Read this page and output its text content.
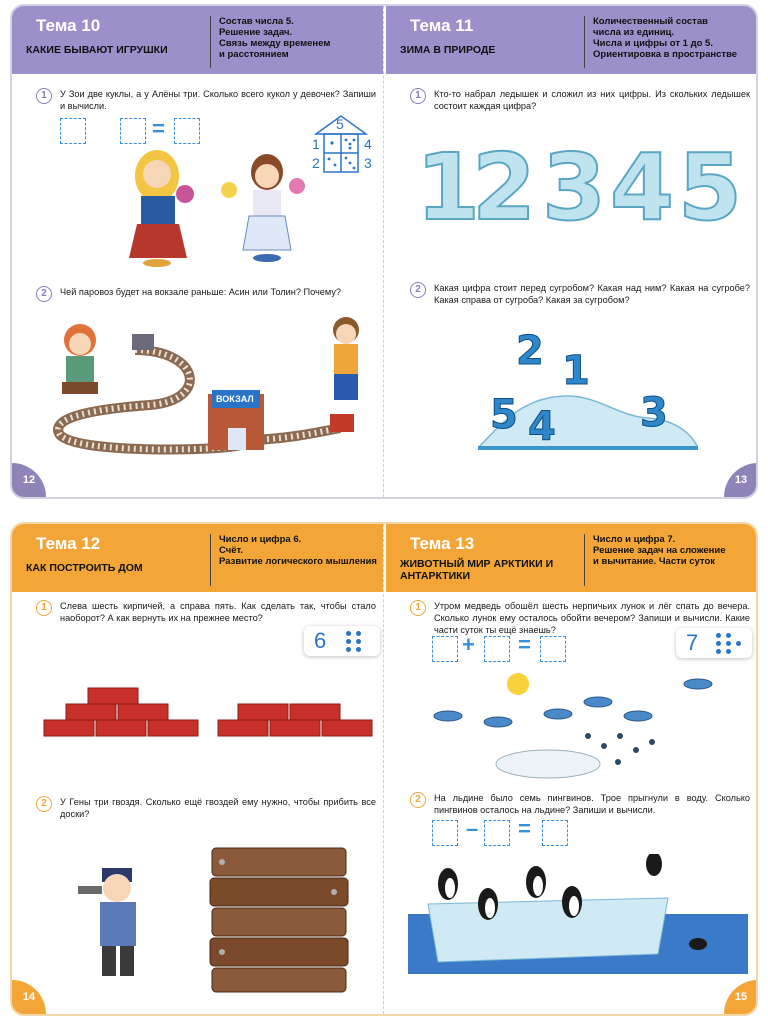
Тема 10
КАКИЕ БЫВАЮТ ИГРУШКИ
Состав числа 5.
Решение задач.
Связь между временем
и расстоянием
1	У Зои две куклы, а у Алёны три. Сколько всего кукол у девочек? Запиши и вычисли.
=	5
1	4
2	3
2	Чей паровоз будет на вокзале раньше: Асин или Толин? Почему?
ВОКЗАЛ
12
Тема 11
ЗИМА В ПРИРОДЕ
Количественный состав
числа из единиц.
Числа и цифры от 1 до 5.
Ориентировка в пространстве
1	Кто-то набрал ледышек и сложил из них цифры. Из скольких ледышек состоит каждая цифра?
1
2 3 4 5
2	Какая цифра стоит перед сугробом? Какая над ним? Какая на сугробе? Какая справа от сугроба? Какая за сугробом?
2 1
5 4 3
13
Тема 12
КАК ПОСТРОИТЬ ДОМ
Число и цифра 6.
Счёт.
Развитие логического мышления
1	Слева шесть кирпичей, а справа пять. Как сделать так, чтобы стало наоборот? А как вернуть их на прежнее место?
6
2	У Гены три гвоздя. Сколько ещё гвоздей ему нужно, чтобы прибить все доски?
14
Тема 13
ЖИВОТНЫЙ МИР АРКТИКИ И АНТАРКТИКИ
Число и цифра 7.
Решение задач на сложение
и вычитание. Части суток
1	Утром медведь обошёл шесть нерпичьих лунок и лёг спать до вечера. Сколько лунок ему осталось обойти вечером? Запиши и вычисли. Какие части суток ты ещё знаешь?
+ =	7
2	На льдине было семь пингвинов. Трое прыгнули в воду. Сколько пингвинов осталось на льдине? Запиши и вычисли.
– =
15
